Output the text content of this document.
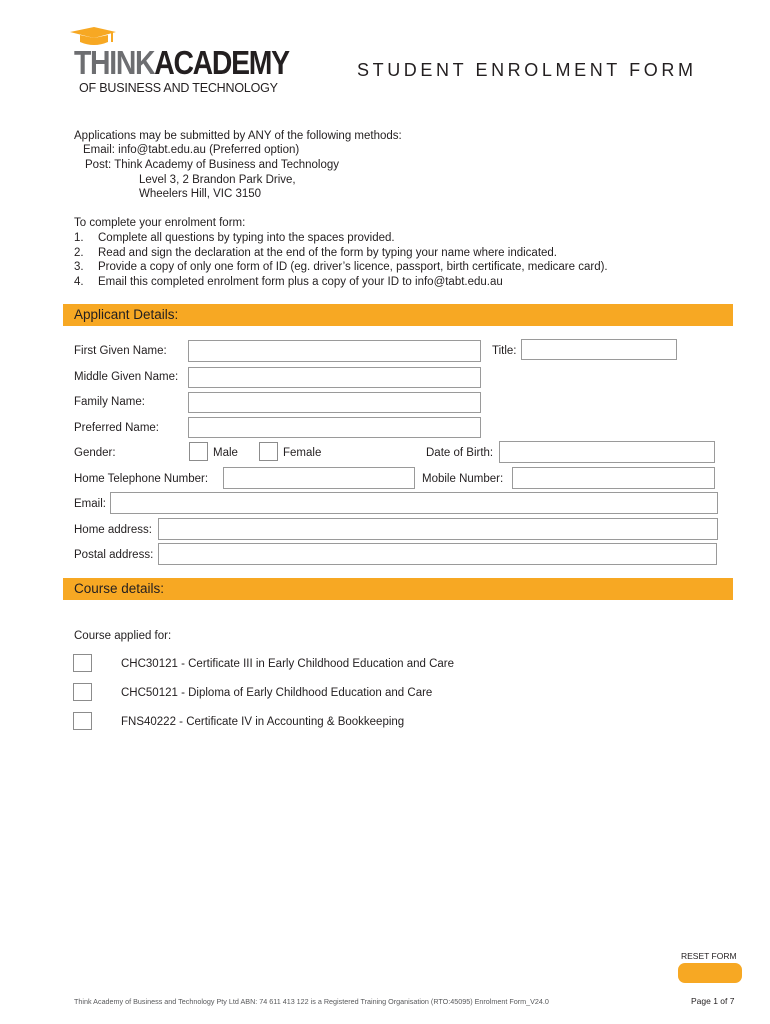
THINKACADEMY
OF BUSINESS AND TECHNOLOGY
STUDENT ENROLMENT FORM
Applications may be submitted by ANY of the following methods:
Email: info@tabt.edu.au (Preferred option)
Post: Think Academy of Business and Technology
Level 3, 2 Brandon Park Drive,
Wheelers Hill, VIC 3150
To complete your enrolment form:
1. Complete all questions by typing into the spaces provided.
2. Read and sign the declaration at the end of the form by typing your name where indicated.
3. Provide a copy of only one form of ID (eg. driver’s licence, passport, birth certificate, medicare card).
4. Email this completed enrolment form plus a copy of your ID to info@tabt.edu.au
Applicant Details:
First Given Name:	Title:
Middle Given Name:
Family Name:
Preferred Name:
Gender:	Male	Female	Date of Birth:
Home Telephone Number:	Mobile Number:
Email:
Home address:
Postal address:
Course details:
Course applied for:
CHC30121 - Certificate III in Early Childhood Education and Care
CHC50121 - Diploma of Early Childhood Education and Care
FNS40222 - Certificate IV in Accounting & Bookkeeping
RESET FORM
Think Academy of Business and Technology Pty Ltd ABN: 74 611 413 122 is a Registered Training Organisation (RTO:45095) Enrolment Form_V24.0	Page 1 of 7
